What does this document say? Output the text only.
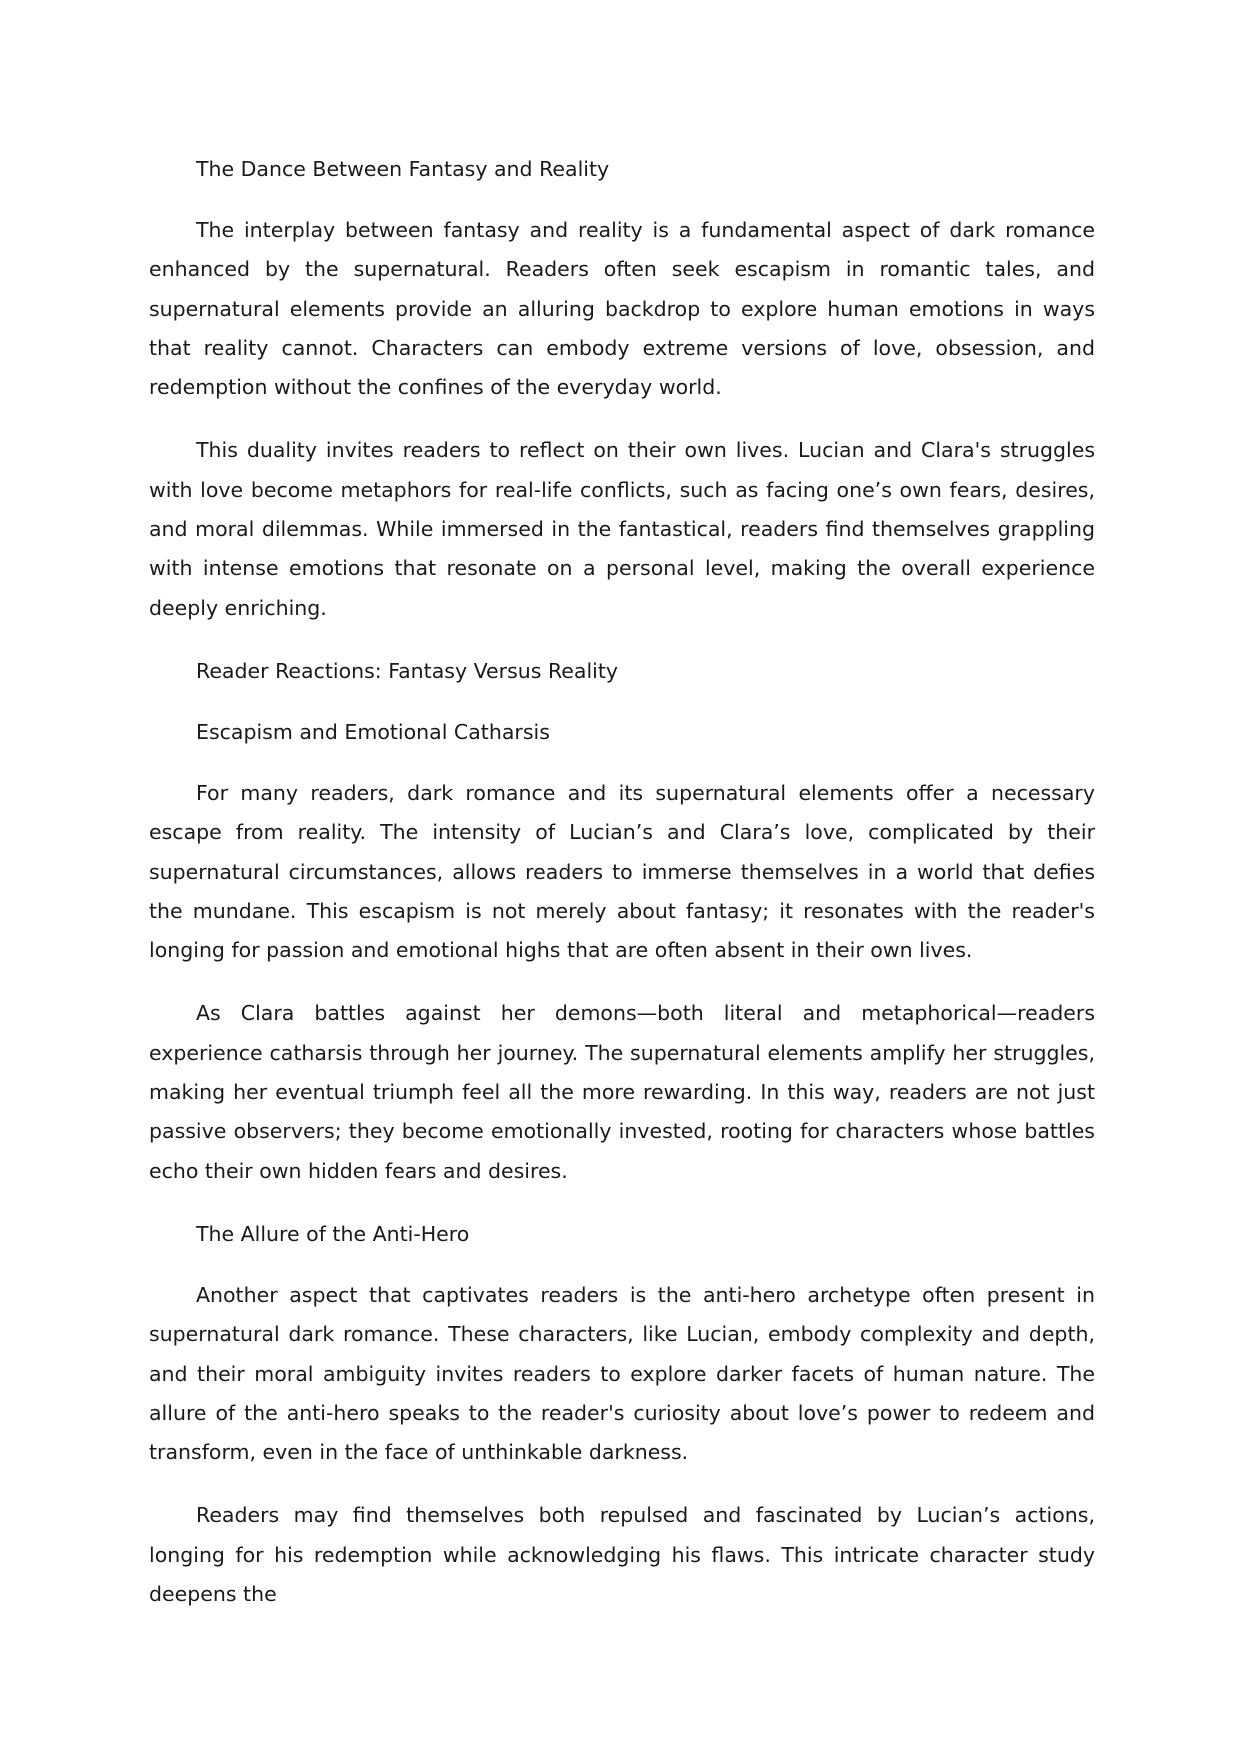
The Dance Between Fantasy and Reality

The interplay between fantasy and reality is a fundamental aspect of dark romance enhanced by the supernatural. Readers often seek escapism in romantic tales, and supernatural elements provide an alluring backdrop to explore human emotions in ways that reality cannot. Characters can embody extreme versions of love, obsession, and redemption without the confines of the everyday world.

This duality invites readers to reflect on their own lives. Lucian and Clara's struggles with love become metaphors for real-life conflicts, such as facing one’s own fears, desires, and moral dilemmas. While immersed in the fantastical, readers find themselves grappling with intense emotions that resonate on a personal level, making the overall experience deeply enriching.

Reader Reactions: Fantasy Versus Reality

Escapism and Emotional Catharsis

For many readers, dark romance and its supernatural elements offer a necessary escape from reality. The intensity of Lucian’s and Clara’s love, complicated by their supernatural circumstances, allows readers to immerse themselves in a world that defies the mundane. This escapism is not merely about fantasy; it resonates with the reader's longing for passion and emotional highs that are often absent in their own lives.

As Clara battles against her demons—both literal and metaphorical—readers experience catharsis through her journey. The supernatural elements amplify her struggles, making her eventual triumph feel all the more rewarding. In this way, readers are not just passive observers; they become emotionally invested, rooting for characters whose battles echo their own hidden fears and desires.

The Allure of the Anti-Hero

Another aspect that captivates readers is the anti-hero archetype often present in supernatural dark romance. These characters, like Lucian, embody complexity and depth, and their moral ambiguity invites readers to explore darker facets of human nature. The allure of the anti-hero speaks to the reader's curiosity about love’s power to redeem and transform, even in the face of unthinkable darkness.

Readers may find themselves both repulsed and fascinated by Lucian’s actions, longing for his redemption while acknowledging his flaws. This intricate character study deepens the
